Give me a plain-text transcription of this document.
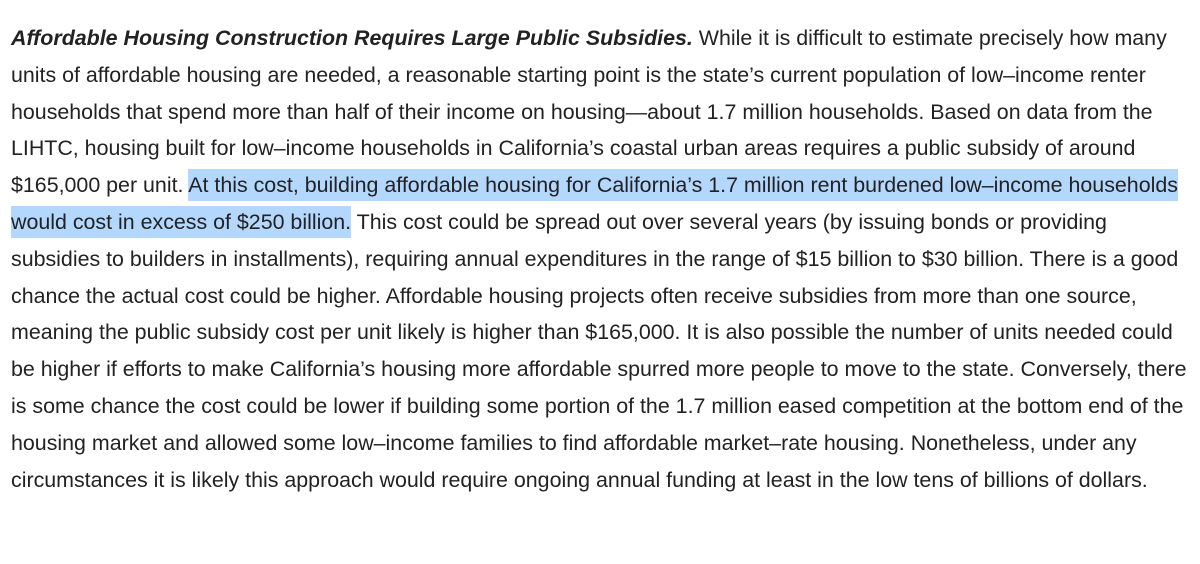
Affordable Housing Construction Requires Large Public Subsidies. While it is difficult to estimate precisely how many units of affordable housing are needed, a reasonable starting point is the state’s current population of low–income renter households that spend more than half of their income on housing—about 1.7 million households. Based on data from the LIHTC, housing built for low–income households in California’s coastal urban areas requires a public subsidy of around $165,000 per unit. At this cost, building affordable housing for California’s 1.7 million rent burdened low–income households would cost in excess of $250 billion. This cost could be spread out over several years (by issuing bonds or providing subsidies to builders in installments), requiring annual expenditures in the range of $15 billion to $30 billion. There is a good chance the actual cost could be higher. Affordable housing projects often receive subsidies from more than one source, meaning the public subsidy cost per unit likely is higher than $165,000. It is also possible the number of units needed could be higher if efforts to make California’s housing more affordable spurred more people to move to the state. Conversely, there is some chance the cost could be lower if building some portion of the 1.7 million eased competition at the bottom end of the housing market and allowed some low–income families to find affordable market–rate housing. Nonetheless, under any circumstances it is likely this approach would require ongoing annual funding at least in the low tens of billions of dollars.
